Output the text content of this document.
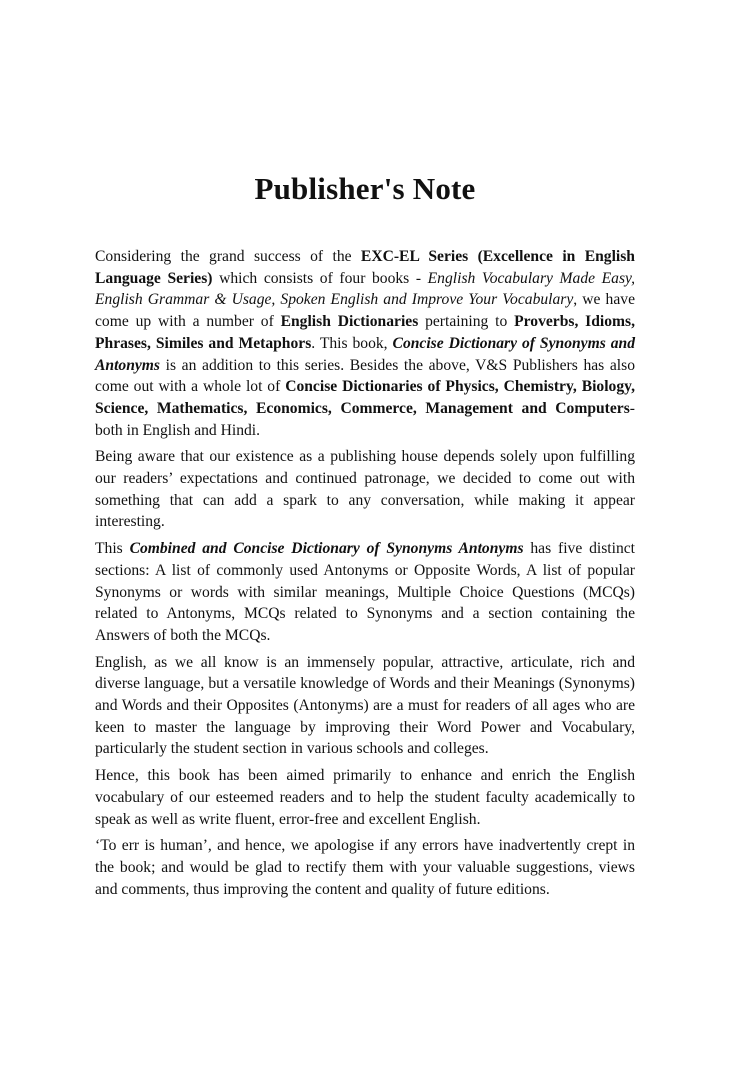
Publisher's Note

Considering the grand success of the EXC-EL Series (Excellence in English Language Series) which consists of four books - English Vocabulary Made Easy, English Grammar & Usage, Spoken English and Improve Your Vocabulary, we have come up with a number of English Dictionaries pertaining to Proverbs, Idioms, Phrases, Similes and Metaphors. This book, Concise Dictionary of Synonyms and Antonyms is an addition to this series. Besides the above, V&S Publishers has also come out with a whole lot of Concise Dictionaries of Physics, Chemistry, Biology, Science, Mathematics, Economics, Commerce, Management and Computers- both in English and Hindi.

Being aware that our existence as a publishing house depends solely upon fulfilling our readers’ expectations and continued patronage, we decided to come out with something that can add a spark to any conversation, while making it appear interesting.

This Combined and Concise Dictionary of Synonyms Antonyms has five distinct sections: A list of commonly used Antonyms or Opposite Words, A list of popular Synonyms or words with similar meanings, Multiple Choice Questions (MCQs) related to Antonyms, MCQs related to Synonyms and a section containing the Answers of both the MCQs.

English, as we all know is an immensely popular, attractive, articulate, rich and diverse language, but a versatile knowledge of Words and their Meanings (Synonyms) and Words and their Opposites (Antonyms) are a must for readers of all ages who are keen to master the language by improving their Word Power and Vocabulary, particularly the student section in various schools and colleges.

Hence, this book has been aimed primarily to enhance and enrich the English vocabulary of our esteemed readers and to help the student faculty academically to speak as well as write fluent, error-free and excellent English.

‘To err is human’, and hence, we apologise if any errors have inadvertently crept in the book; and would be glad to rectify them with your valuable suggestions, views and comments, thus improving the content and quality of future editions.
